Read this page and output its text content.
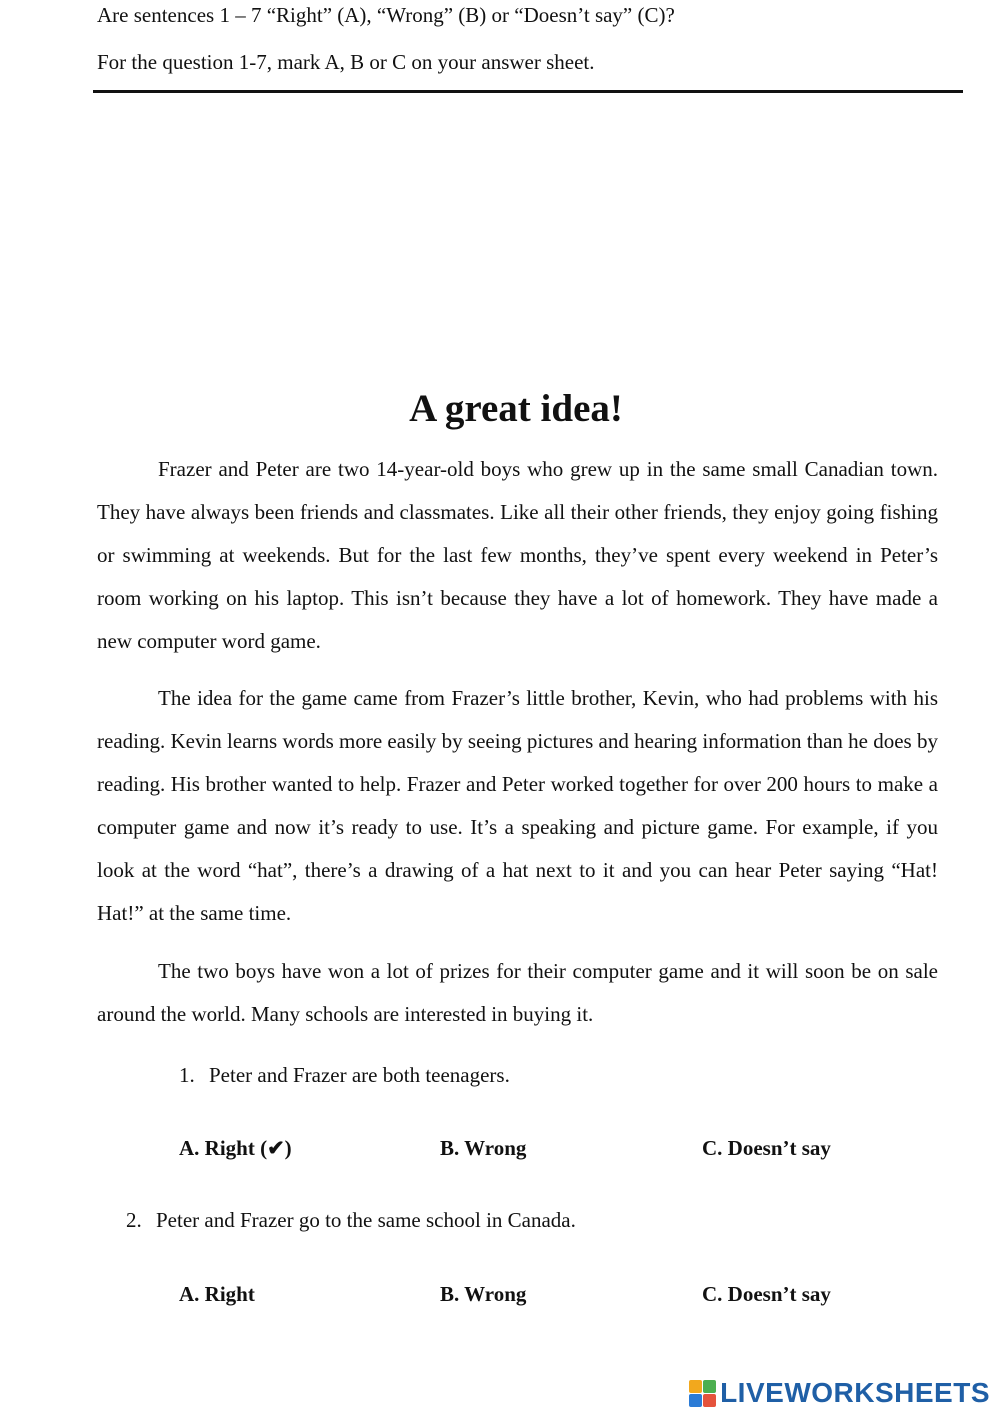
Are sentences 1 – 7 “Right” (A), “Wrong” (B) or “Doesn’t say” (C)?
For the question 1-7, mark A, B or C on your answer sheet.
A great idea!

Frazer and Peter are two 14-year-old boys who grew up in the same small Canadian town. They have always been friends and classmates. Like all their other friends, they enjoy going fishing or swimming at weekends. But for the last few months, they’ve spent every weekend in Peter’s room working on his laptop. This isn’t because they have a lot of homework. They have made a new computer word game.

The idea for the game came from Frazer’s little brother, Kevin, who had problems with his reading. Kevin learns words more easily by seeing pictures and hearing information than he does by reading. His brother wanted to help. Frazer and Peter worked together for over 200 hours to make a computer game and now it’s ready to use. It’s a speaking and picture game. For example, if you look at the word “hat”, there’s a drawing of a hat next to it and you can hear Peter saying “Hat! Hat!” at the same time.

The two boys have won a lot of prizes for their computer game and it will soon be on sale around the world. Many schools are interested in buying it.

1. Peter and Frazer are both teenagers.
A. Right (✔)	B. Wrong	C. Doesn’t say
2. Peter and Frazer go to the same school in Canada.
A. Right	B. Wrong	C. Doesn’t say
LIVEWORKSHEETS
